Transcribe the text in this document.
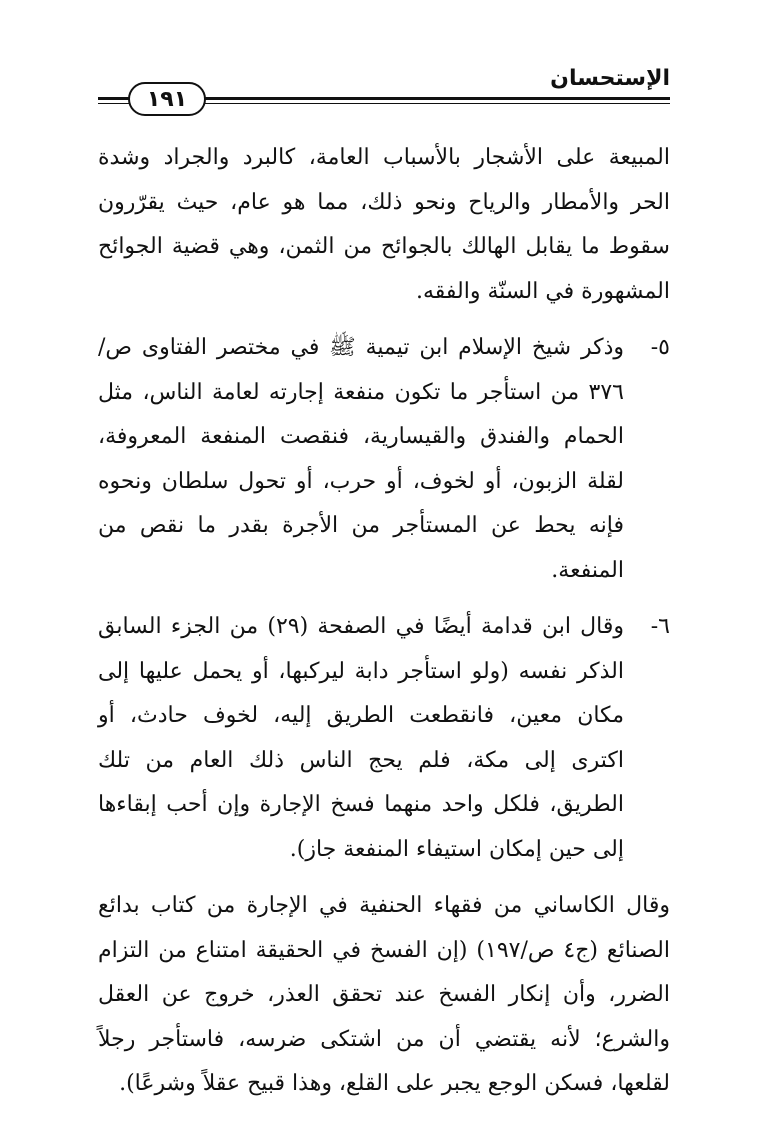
الإستحسان
١٩١

المبيعة على الأشجار بالأسباب العامة، كالبرد والجراد وشدة الحر والأمطار والرياح ونحو ذلك، مما هو عام، حيث يقرّرون سقوط ما يقابل الهالك بالجوائح من الثمن، وهي قضية الجوائح المشهورة في السنّة والفقه.

٥-

وذكر شيخ الإسلام ابن تيمية ﷺ في مختصر الفتاوى ص/٣٧٦ من استأجر ما تكون منفعة إجارته لعامة الناس، مثل الحمام والفندق والقيسارية، فنقصت المنفعة المعروفة، لقلة الزبون، أو لخوف، أو حرب، أو تحول سلطان ونحوه فإنه يحط عن المستأجر من الأجرة بقدر ما نقص من المنفعة.

٦-

وقال ابن قدامة أيضًا في الصفحة (٢٩) من الجزء السابق الذكر نفسه (ولو استأجر دابة ليركبها، أو يحمل عليها إلى مكان معين، فانقطعت الطريق إليه، لخوف حادث، أو اكترى إلى مكة، فلم يحج الناس ذلك العام من تلك الطريق، فلكل واحد منهما فسخ الإجارة وإن أحب إبقاءها إلى حين إمكان استيفاء المنفعة جاز).

وقال الكاساني من فقهاء الحنفية في الإجارة من كتاب بدائع الصنائع (ج٤ ص/١٩٧) (إن الفسخ في الحقيقة امتناع من التزام الضرر، وأن إنكار الفسخ عند تحقق العذر، خروج عن العقل والشرع؛ لأنه يقتضي أن من اشتكى ضرسه، فاستأجر رجلاً لقلعها، فسكن الوجع يجبر على القلع، وهذا قبيح عقلاً وشرعًا).
